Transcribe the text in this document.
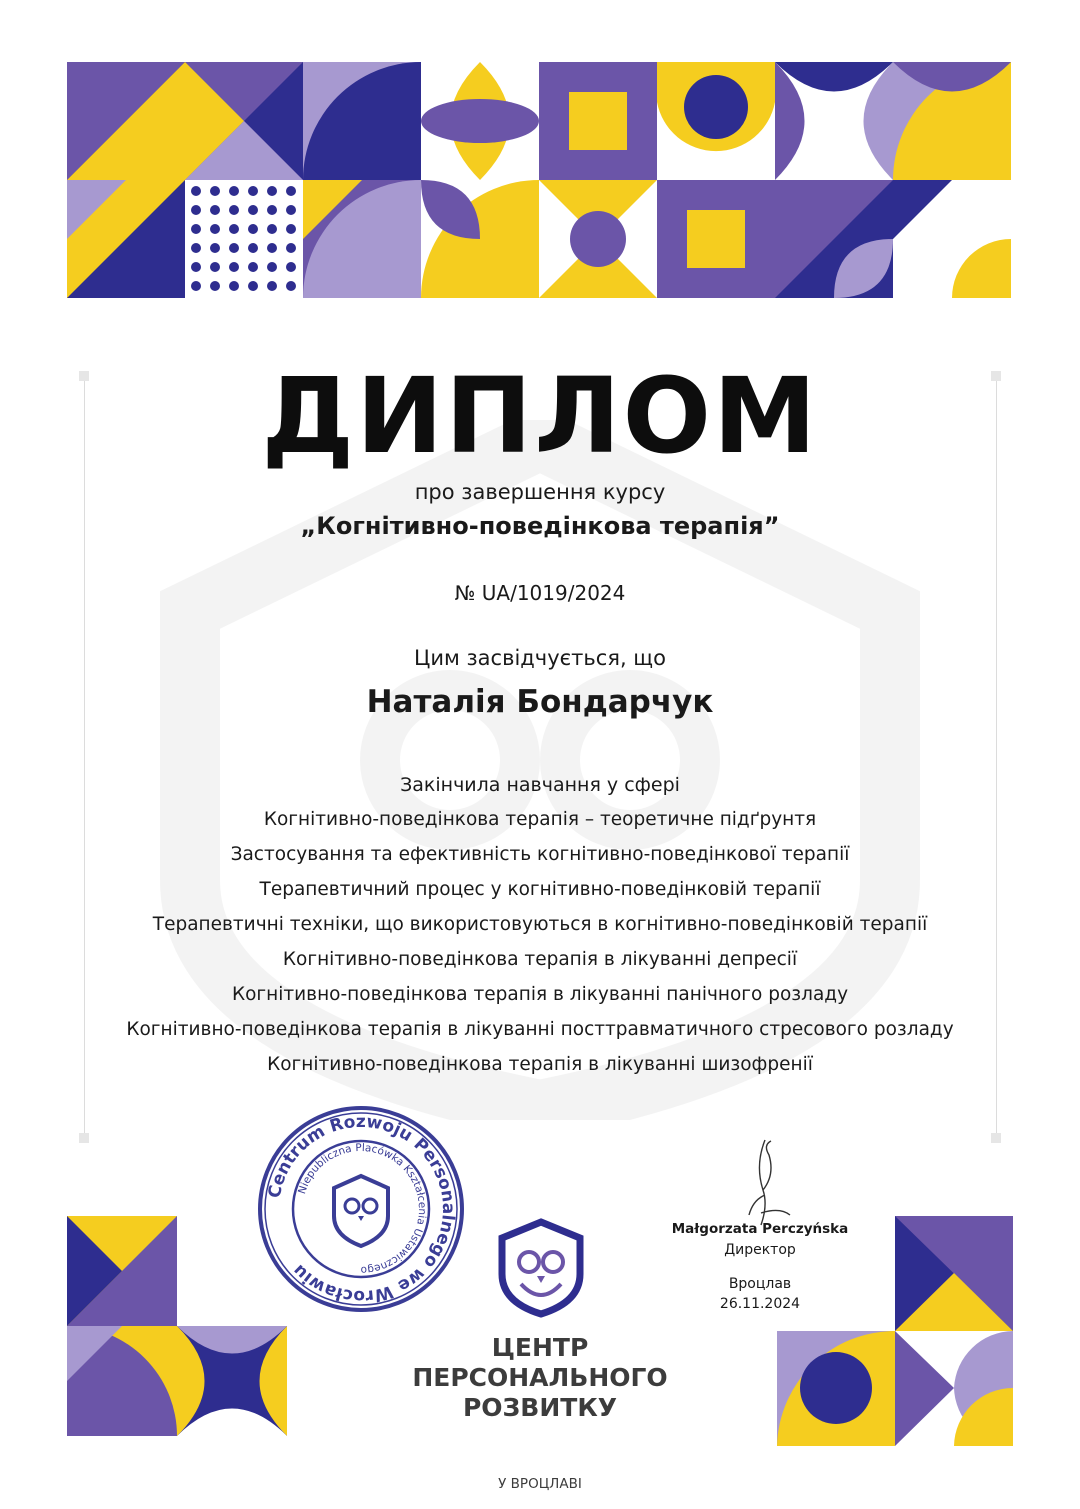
ДИПЛОМ
про завершення курсу
„Когнітивно-поведінкова терапія”
№ UA/1019/2024
Цим засвідчується, що
Наталія Бондарчук
Закінчила навчання у сфері
Когнітивно-поведінкова терапія – теоретичне підґрунтя
Застосування та ефективність когнітивно-поведінкової терапії
Терапевтичний процес у когнітивно-поведінковій терапії
Терапевтичні техніки, що використовуються в когнітивно-поведінковій терапії
Когнітивно-поведінкова терапія в лікуванні депресії
Когнітивно-поведінкова терапія в лікуванні панічного розладу
Когнітивно-поведінкова терапія в лікуванні посттравматичного стресового розладу
Когнітивно-поведінкова терапія в лікуванні шизофренії
Centrum Rozwoju Personalnego we Wrocławiu
Niepubliczna Placówka Kształcenia Ustawicznego
Małgorzata Perczyńska
Директор
Вроцлав
26.11.2024
ЦЕНТР
ПЕРСОНАЛЬНОГО
РОЗВИТКУ
У ВРОЦЛАВІ
